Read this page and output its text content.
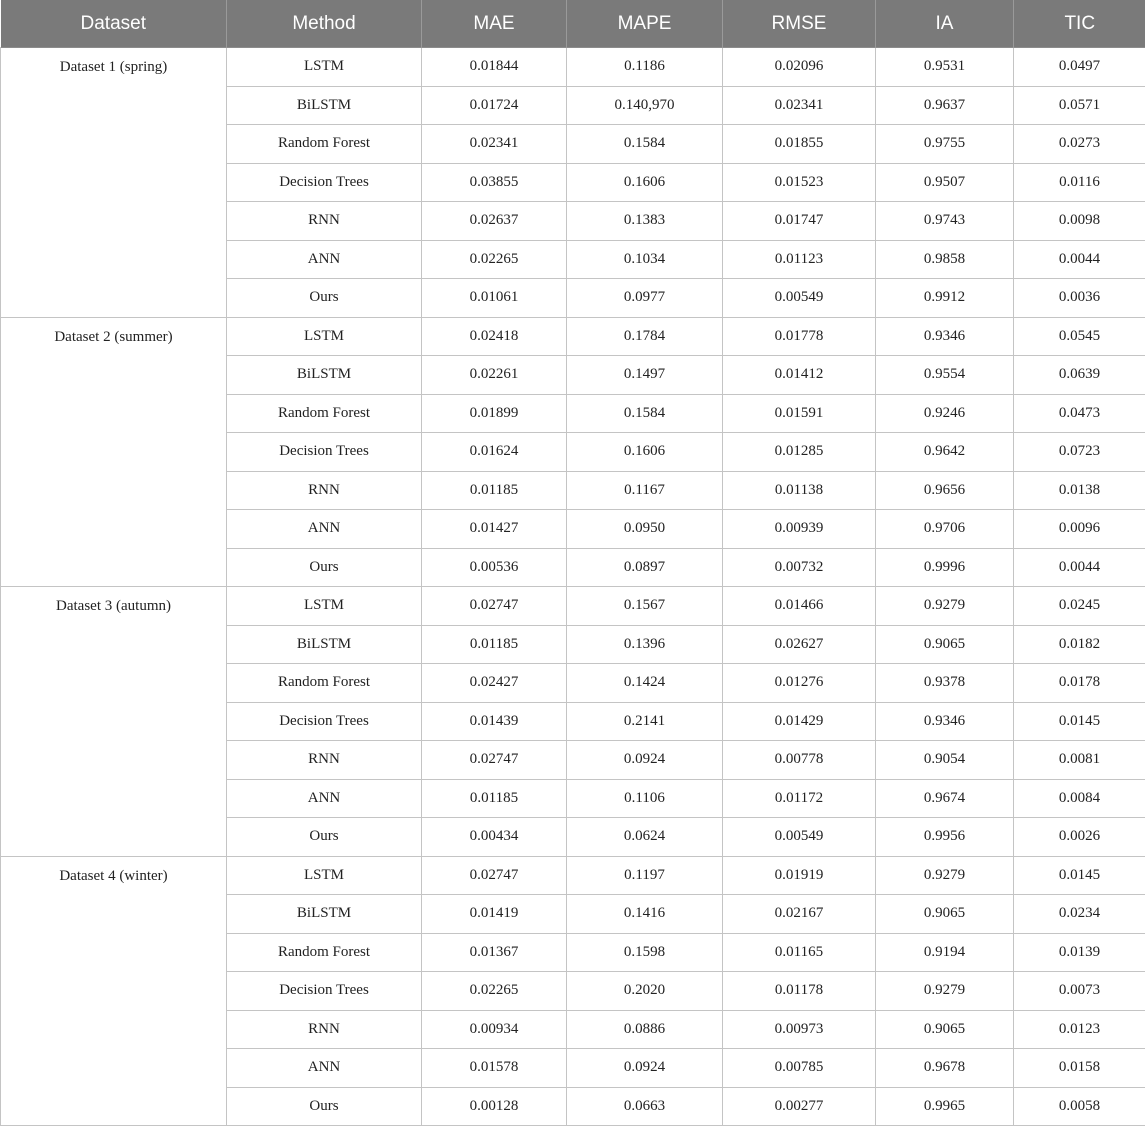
Dataset	Method	MAE	MAPE	RMSE	IA	TIC
Dataset 1 (spring)	LSTM	0.01844	0.1186	0.02096	0.9531	0.0497
	BiLSTM	0.01724	0.140,970	0.02341	0.9637	0.0571
	Random Forest	0.02341	0.1584	0.01855	0.9755	0.0273
	Decision Trees	0.03855	0.1606	0.01523	0.9507	0.0116
	RNN	0.02637	0.1383	0.01747	0.9743	0.0098
	ANN	0.02265	0.1034	0.01123	0.9858	0.0044
	Ours	0.01061	0.0977	0.00549	0.9912	0.0036
Dataset 2 (summer)	LSTM	0.02418	0.1784	0.01778	0.9346	0.0545
	BiLSTM	0.02261	0.1497	0.01412	0.9554	0.0639
	Random Forest	0.01899	0.1584	0.01591	0.9246	0.0473
	Decision Trees	0.01624	0.1606	0.01285	0.9642	0.0723
	RNN	0.01185	0.1167	0.01138	0.9656	0.0138
	ANN	0.01427	0.0950	0.00939	0.9706	0.0096
	Ours	0.00536	0.0897	0.00732	0.9996	0.0044
Dataset 3 (autumn)	LSTM	0.02747	0.1567	0.01466	0.9279	0.0245
	BiLSTM	0.01185	0.1396	0.02627	0.9065	0.0182
	Random Forest	0.02427	0.1424	0.01276	0.9378	0.0178
	Decision Trees	0.01439	0.2141	0.01429	0.9346	0.0145
	RNN	0.02747	0.0924	0.00778	0.9054	0.0081
	ANN	0.01185	0.1106	0.01172	0.9674	0.0084
	Ours	0.00434	0.0624	0.00549	0.9956	0.0026
Dataset 4 (winter)	LSTM	0.02747	0.1197	0.01919	0.9279	0.0145
	BiLSTM	0.01419	0.1416	0.02167	0.9065	0.0234
	Random Forest	0.01367	0.1598	0.01165	0.9194	0.0139
	Decision Trees	0.02265	0.2020	0.01178	0.9279	0.0073
	RNN	0.00934	0.0886	0.00973	0.9065	0.0123
	ANN	0.01578	0.0924	0.00785	0.9678	0.0158
	Ours	0.00128	0.0663	0.00277	0.9965	0.0058
